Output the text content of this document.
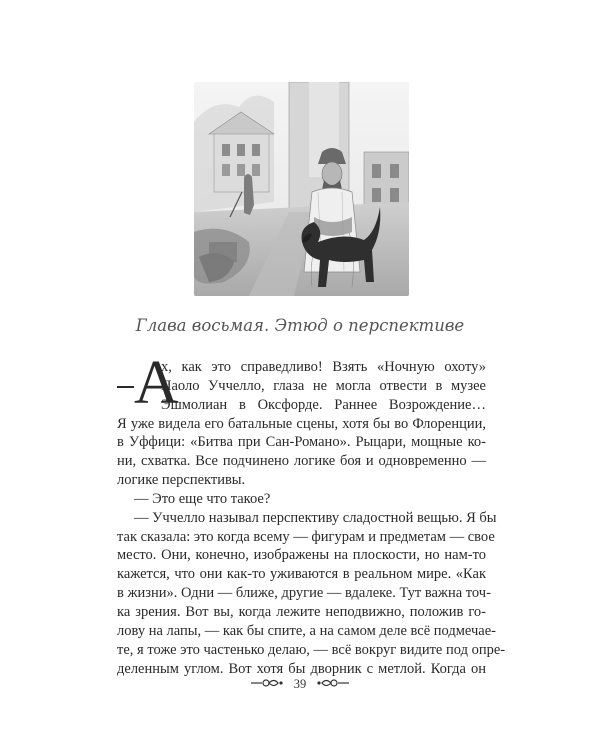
Глава восьмая. Этюд о перспективе
А
х, как это справедливо! Взять «Ночную охоту»
Паоло Уччелло, глаза не могла отвести в музее
Эшмолиан в Оксфорде. Раннее Возрождение…
Я уже видела его батальные сцены, хотя бы во Флоренции,
в Уффици: «Битва при Сан-Романо». Рыцари, мощные ко-
ни, схватка. Все подчинено логике боя и одновременно —
логике перспективы.
— Это еще что такое?
— Уччелло называл перспективу сладостной вещью. Я бы
так сказала: это когда всему — фигурам и предметам — свое
место. Они, конечно, изображены на плоскости, но нам-то
кажется, что они как-то уживаются в реальном мире. «Как
в жизни». Одни — ближе, другие — вдалеке. Тут важна точ-
ка зрения. Вот вы, когда лежите неподвижно, положив го-
лову на лапы, — как бы спите, а на самом деле всё подмечае-
те, я тоже это частенько делаю, — всё вокруг видите под опре-
деленным углом. Вот хотя бы дворник с метлой. Когда он
39
